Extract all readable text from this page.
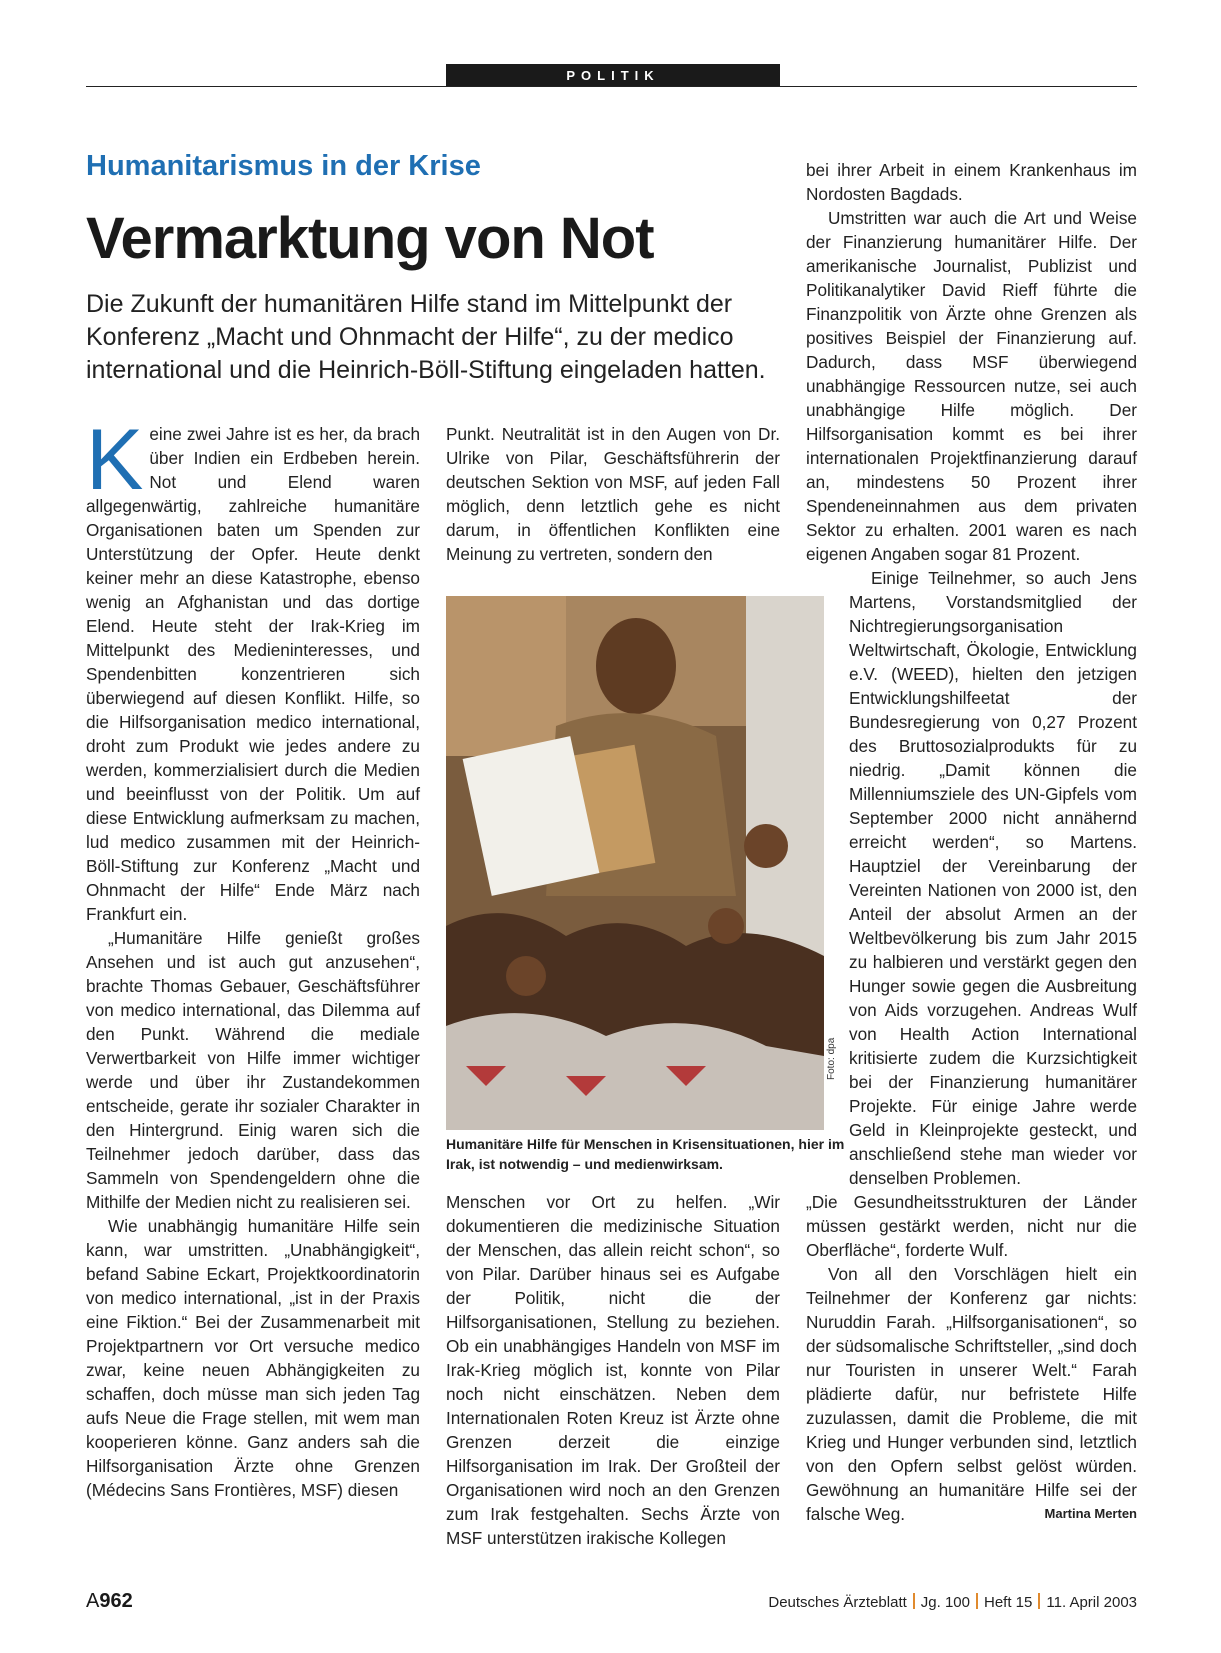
POLITIK
Humanitarismus in der Krise
Vermarktung von Not
Die Zukunft der humanitären Hilfe stand im Mittelpunkt der Konferenz „Macht und Ohnmacht der Hilfe“, zu der medico international und die Heinrich-Böll-Stiftung eingeladen hatten.

Keine zwei Jahre ist es her, da brach über Indien ein Erdbeben herein. Not und Elend waren allgegenwärtig, zahlreiche humanitäre Organisationen baten um Spenden zur Unterstützung der Opfer. Heute denkt keiner mehr an diese Katastrophe, ebenso wenig an Afghanistan und das dortige Elend. Heute steht der Irak-Krieg im Mittelpunkt des Medieninteresses, und Spendenbitten konzentrieren sich überwiegend auf diesen Konflikt. Hilfe, so die Hilfsorganisation medico international, droht zum Produkt wie jedes andere zu werden, kommerzialisiert durch die Medien und beeinflusst von der Politik. Um auf diese Entwicklung aufmerksam zu machen, lud medico zusammen mit der Heinrich-Böll-Stiftung zur Konferenz „Macht und Ohnmacht der Hilfe“ Ende März nach Frankfurt ein.

„Humanitäre Hilfe genießt großes Ansehen und ist auch gut anzusehen“, brachte Thomas Gebauer, Geschäftsführer von medico international, das Dilemma auf den Punkt. Während die mediale Verwertbarkeit von Hilfe immer wichtiger werde und über ihr Zustandekommen entscheide, gerate ihr sozialer Charakter in den Hintergrund. Einig waren sich die Teilnehmer jedoch darüber, dass das Sammeln von Spendengeldern ohne die Mithilfe der Medien nicht zu realisieren sei.

Wie unabhängig humanitäre Hilfe sein kann, war umstritten. „Unabhängigkeit“, befand Sabine Eckart, Projektkoordinatorin von medico international, „ist in der Praxis eine Fiktion.“ Bei der Zusammenarbeit mit Projektpartnern vor Ort versuche medico zwar, keine neuen Abhängigkeiten zu schaffen, doch müsse man sich jeden Tag aufs Neue die Frage stellen, mit wem man kooperieren könne. Ganz anders sah die Hilfsorganisation Ärzte ohne Grenzen (Médecins Sans Frontières, MSF) diesen

Punkt. Neutralität ist in den Augen von Dr. Ulrike von Pilar, Geschäftsführerin der deutschen Sektion von MSF, auf jeden Fall möglich, denn letztlich gehe es nicht darum, in öffentlichen Konflikten eine Meinung zu vertreten, sondern den

Foto: dpa
Humanitäre Hilfe für Menschen in Krisensituationen, hier im Irak, ist notwendig – und medienwirksam.

Menschen vor Ort zu helfen. „Wir dokumentieren die medizinische Situation der Menschen, das allein reicht schon“, so von Pilar. Darüber hinaus sei es Aufgabe der Politik, nicht die der Hilfsorganisationen, Stellung zu beziehen. Ob ein unabhängiges Handeln von MSF im Irak-Krieg möglich ist, konnte von Pilar noch nicht einschätzen. Neben dem Internationalen Roten Kreuz ist Ärzte ohne Grenzen derzeit die einzige Hilfsorganisation im Irak. Der Großteil der Organisationen wird noch an den Grenzen zum Irak festgehalten. Sechs Ärzte von MSF unterstützen irakische Kollegen

bei ihrer Arbeit in einem Krankenhaus im Nordosten Bagdads.

Umstritten war auch die Art und Weise der Finanzierung humanitärer Hilfe. Der amerikanische Journalist, Publizist und Politikanalytiker David Rieff führte die Finanzpolitik von Ärzte ohne Grenzen als positives Beispiel der Finanzierung auf. Dadurch, dass MSF überwiegend unabhängige Ressourcen nutze, sei auch unabhängige Hilfe möglich. Der Hilfsorganisation kommt es bei ihrer internationalen Projektfinanzierung darauf an, mindestens 50 Prozent ihrer Spendeneinnahmen aus dem privaten Sektor zu erhalten. 2001 waren es nach eigenen Angaben sogar 81 Prozent.

Einige Teilnehmer, so auch Jens Martens, Vorstandsmitglied der Nichtregierungsorganisation Weltwirtschaft, Ökologie, Entwicklung e.V. (WEED), hielten den jetzigen Entwicklungshilfeetat der Bundesregierung von 0,27 Prozent des Bruttosozialprodukts für zu niedrig. „Damit können die Millenniumsziele des UN-Gipfels vom September 2000 nicht annähernd erreicht werden“, so Martens. Hauptziel der Vereinbarung der Vereinten Nationen von 2000 ist, den Anteil der absolut Armen an der Weltbevölkerung bis zum Jahr 2015 zu halbieren und verstärkt gegen den Hunger sowie gegen die Ausbreitung von Aids vorzugehen. Andreas Wulf von Health Action International kritisierte zudem die Kurzsichtigkeit bei der Finanzierung humanitärer Projekte. Für einige Jahre werde Geld in Kleinprojekte gesteckt, und anschließend stehe man wieder vor denselben Problemen.

„Die Gesundheitsstrukturen der Länder müssen gestärkt werden, nicht nur die Oberfläche“, forderte Wulf.

Von all den Vorschlägen hielt ein Teilnehmer der Konferenz gar nichts: Nuruddin Farah. „Hilfsorganisationen“, so der südsomalische Schriftsteller, „sind doch nur Touristen in unserer Welt.“ Farah plädierte dafür, nur befristete Hilfe zuzulassen, damit die Probleme, die mit Krieg und Hunger verbunden sind, letztlich von den Opfern selbst gelöst würden. Gewöhnung an humanitäre Hilfe sei der falsche Weg.	Martina Merten

A962	Deutsches Ärzteblatt Jg. 100 Heft 15 11. April 2003
